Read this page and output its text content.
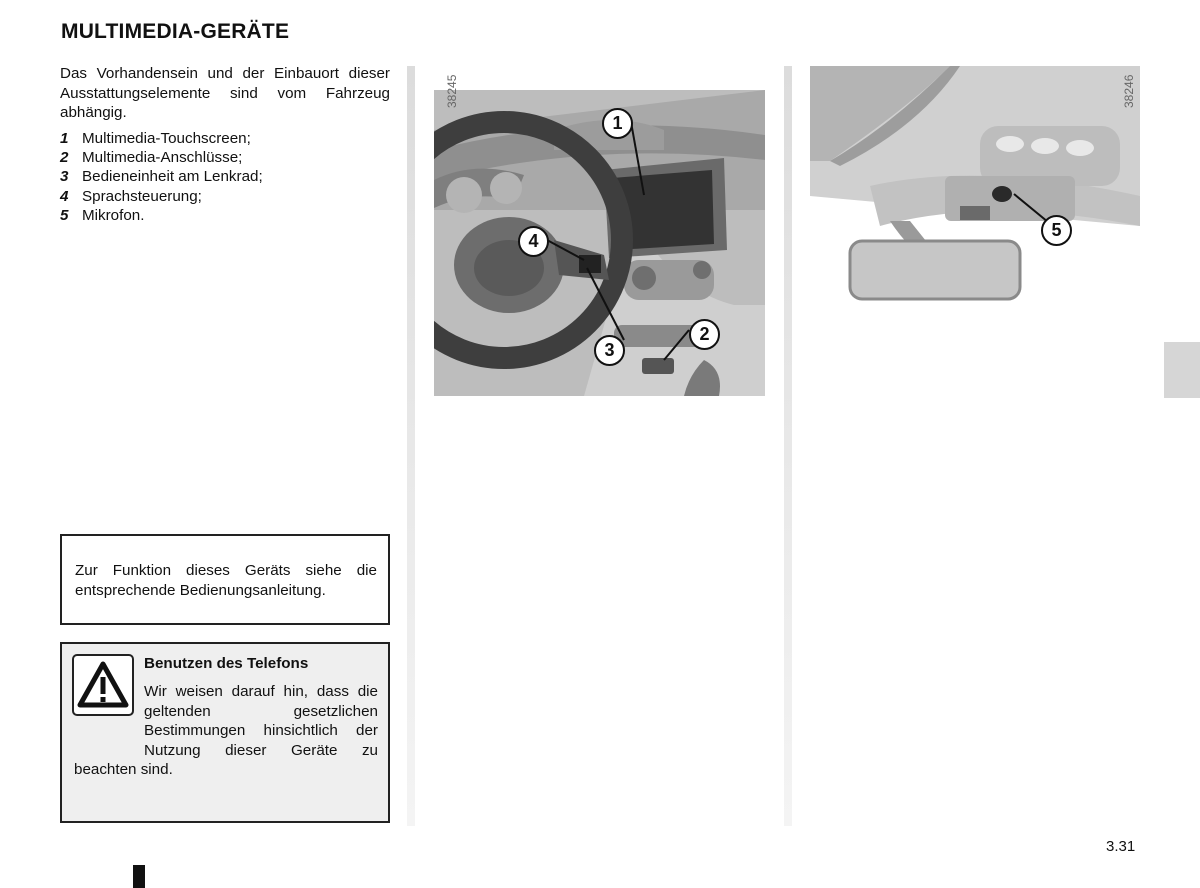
MULTIMEDIA-GERÄTE
Das Vorhandensein und der Einbauort dieser Ausstattungselemente sind vom Fahrzeug abhängig.
1 Multimedia-Touchscreen;
2 Multimedia-Anschlüsse;
3 Bedieneinheit am Lenkrad;
4 Sprachsteuerung;
5 Mikrofon.
Zur Funktion dieses Geräts siehe die entsprechende Bedienungsanleitung.
Benutzen des Telefons
Wir weisen darauf hin, dass die geltenden gesetzlichen Bestimmungen hinsichtlich der Nutzung dieser Geräte zu beachten sind.
38245
1
4
2
3
38246
5
3.31
